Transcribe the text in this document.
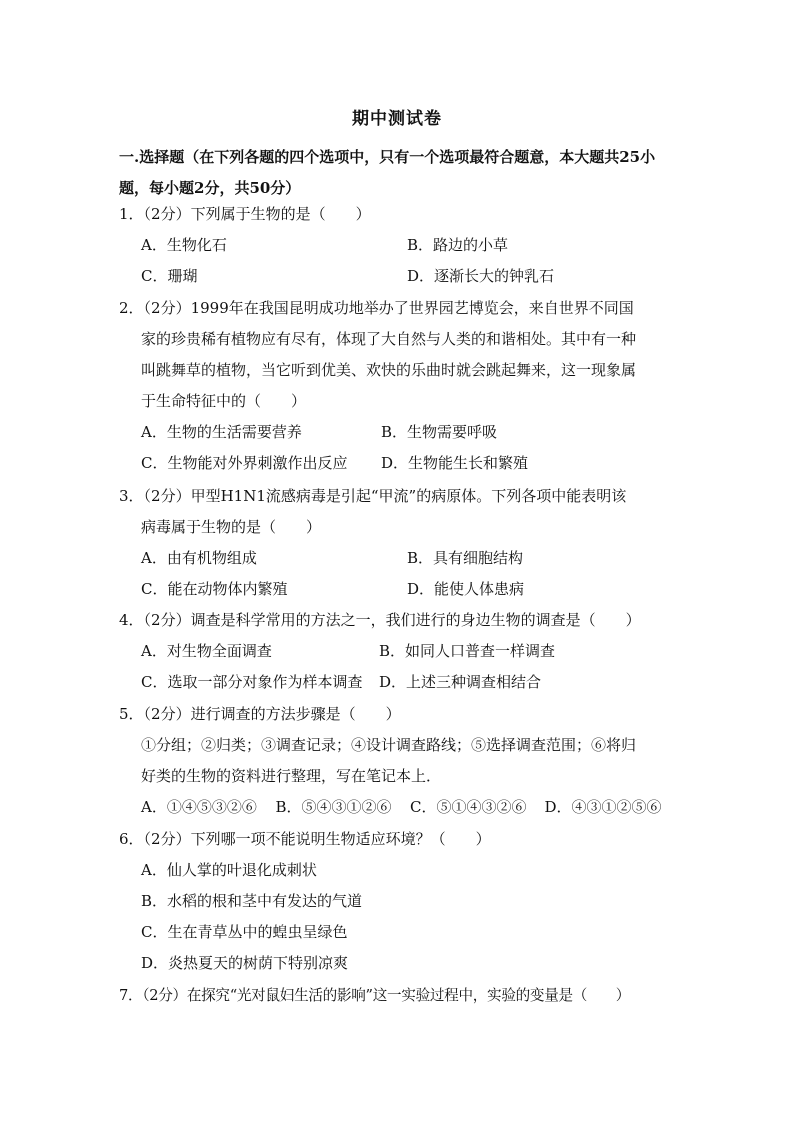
期中测试卷
一.选择题（在下列各题的四个选项中，只有一个选项最符合题意，本大题共25小题，每小题2分，共50分）
1．（2分）下列属于生物的是（　　）
A．生物化石	B．路边的小草
C．珊瑚	D．逐渐长大的钟乳石
2．（2分）1999年在我国昆明成功地举办了世界园艺博览会，来自世界不同国
家的珍贵稀有植物应有尽有，体现了大自然与人类的和谐相处。其中有一种
叫跳舞草的植物，当它听到优美、欢快的乐曲时就会跳起舞来，这一现象属
于生命特征中的（　　）
A．生物的生活需要营养	B．生物需要呼吸
C．生物能对外界刺激作出反应	D．生物能生长和繁殖
3．（2分）甲型H1N1流感病毒是引起“甲流”的病原体。下列各项中能表明该
病毒属于生物的是（　　）
A．由有机物组成	B．具有细胞结构
C．能在动物体内繁殖	D．能使人体患病
4．（2分）调查是科学常用的方法之一，我们进行的身边生物的调查是（　　）
A．对生物全面调查	B．如同人口普查一样调查
C．选取一部分对象作为样本调查	D．上述三种调查相结合
5．（2分）进行调查的方法步骤是（　　）
①分组；②归类；③调查记录；④设计调查路线；⑤选择调查范围；⑥将归
好类的生物的资料进行整理，写在笔记本上．
A．①④⑤③②⑥	B．⑤④③①②⑥	C．⑤①④③②⑥	D．④③①②⑤⑥
6．（2分）下列哪一项不能说明生物适应环境？（　　）
A．仙人掌的叶退化成刺状
B．水稻的根和茎中有发达的气道
C．生在青草丛中的蝗虫呈绿色
D．炎热夏天的树荫下特别凉爽
7．（2分）在探究“光对鼠妇生活的影响”这一实验过程中，实验的变量是（　　）
